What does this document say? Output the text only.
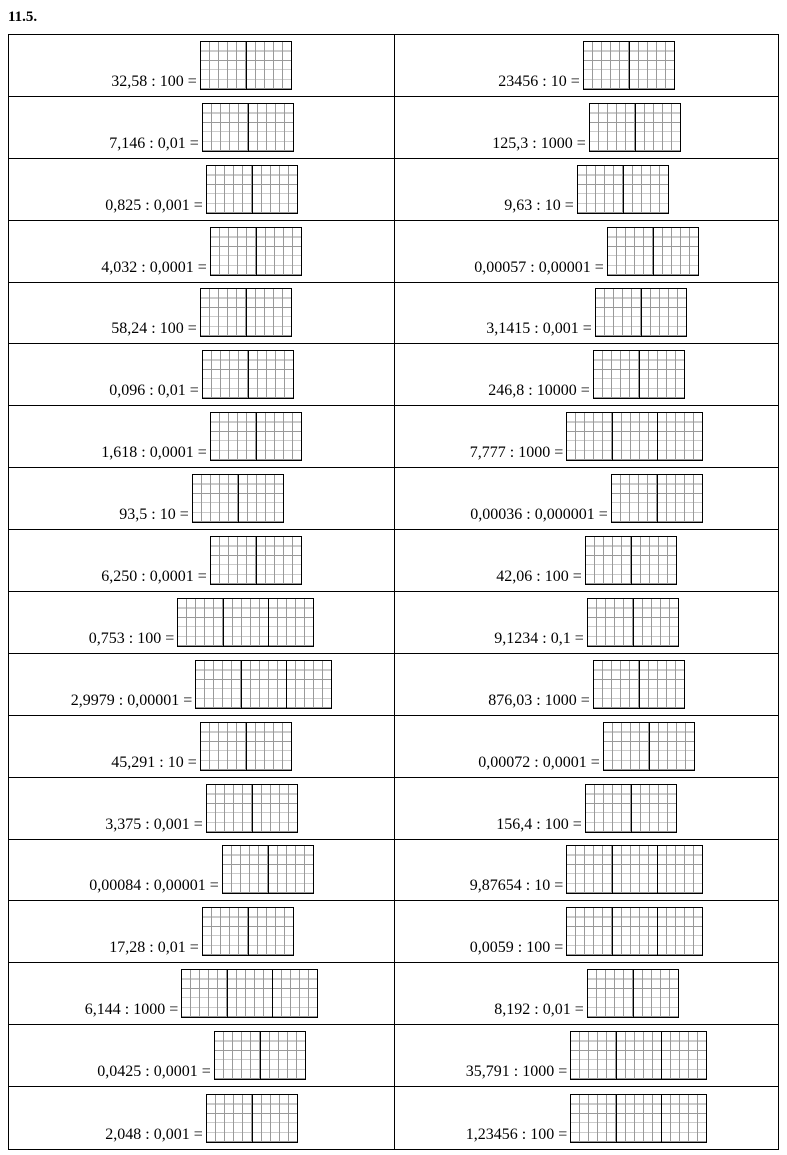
11.5.
32,58 : 100 =	23456 : 10 =
7,146 : 0,01 =	125,3 : 1000 =
0,825 : 0,001 =	9,63 : 10 =
4,032 : 0,0001 =	0,00057 : 0,00001 =
58,24 : 100 =	3,1415 : 0,001 =
0,096 : 0,01 =	246,8 : 10000 =
1,618 : 0,0001 =	7,777 : 1000 =
93,5 : 10 =	0,00036 : 0,000001 =
6,250 : 0,0001 =	42,06 : 100 =
0,753 : 100 =	9,1234 : 0,1 =
2,9979 : 0,00001 =	876,03 : 1000 =
45,291 : 10 =	0,00072 : 0,0001 =
3,375 : 0,001 =	156,4 : 100 =
0,00084 : 0,00001 =	9,87654 : 10 =
17,28 : 0,01 =	0,0059 : 100 =
6,144 : 1000 =	8,192 : 0,01 =
0,0425 : 0,0001 =	35,791 : 1000 =
2,048 : 0,001 =	1,23456 : 100 =
